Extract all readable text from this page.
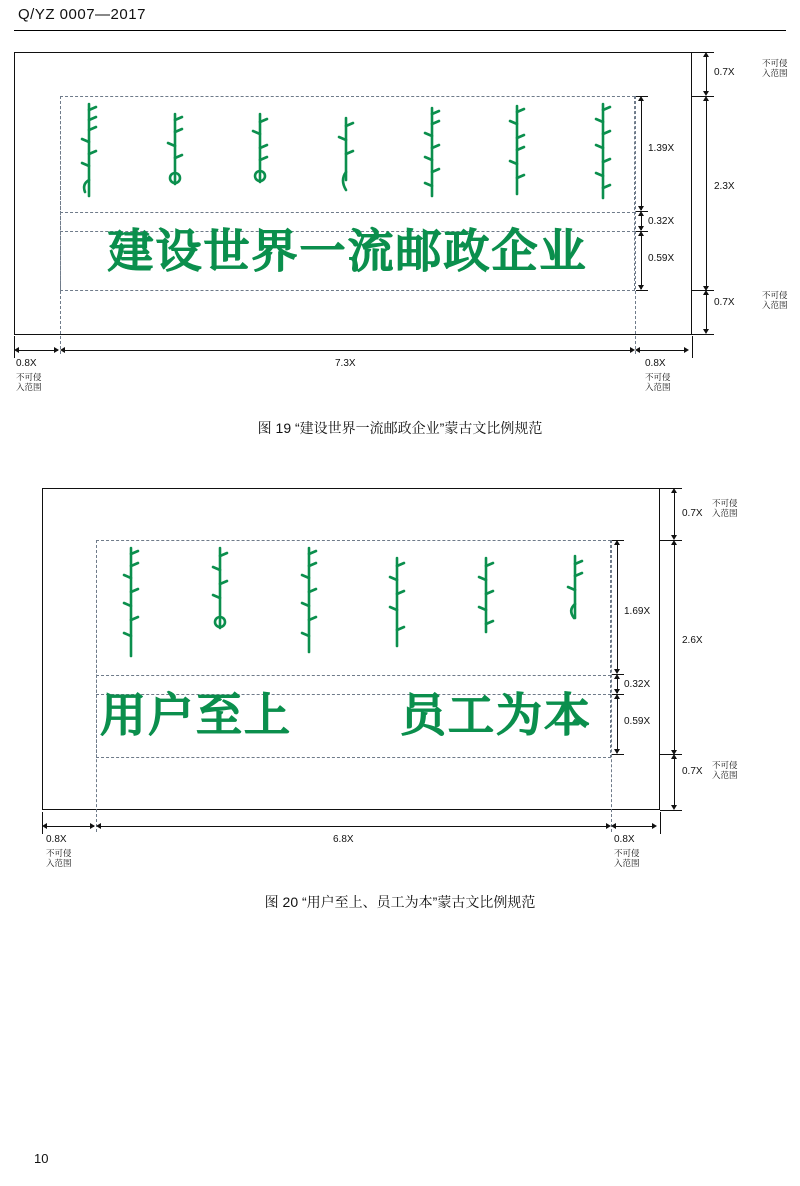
Q/YZ 0007—2017
建设世界一流邮政企业
1.39X
0.32X
0.59X
0.7X
不可侵
入范围
2.3X
0.7X
不可侵
入范围
0.8X
不可侵
入范围
7.3X	0.8X
不可侵
入范围
图 19 “建设世界一流邮政企业”蒙古文比例规范
用户至上 员工为本
1.69X
0.32X
0.59X
0.7X
不可侵
入范围
2.6X
0.7X
不可侵
入范围
0.8X
不可侵
入范围
6.8X	0.8X
不可侵
入范围
图 20 “用户至上、员工为本”蒙古文比例规范
10
